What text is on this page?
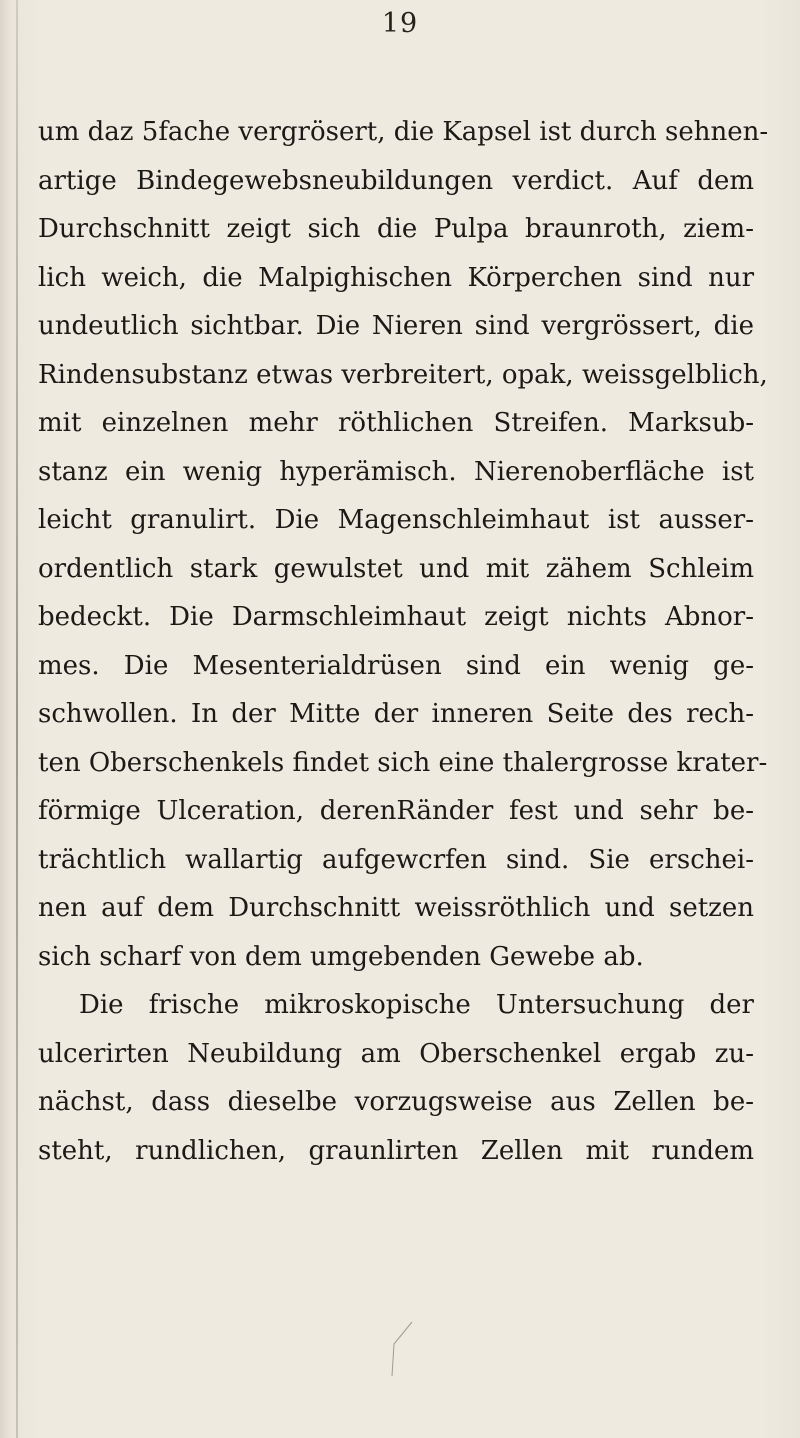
19
um daz 5fache vergrösert, die Kapsel ist durch sehnen-
artige Bindegewebsneubildungen verdict. Auf dem
Durchschnitt zeigt sich die Pulpa braunroth, ziem-
lich weich, die Malpighischen Körperchen sind nur
undeutlich sichtbar. Die Nieren sind vergrössert, die
Rindensubstanz etwas verbreitert, opak, weissgelblich,
mit einzelnen mehr röthlichen Streifen. Marksub-
stanz ein wenig hyperämisch. Nierenoberfläche ist
leicht granulirt. Die Magenschleimhaut ist ausser-
ordentlich stark gewulstet und mit zähem Schleim
bedeckt. Die Darmschleimhaut zeigt nichts Abnor-
mes. Die Mesenterialdrüsen sind ein wenig ge-
schwollen. In der Mitte der inneren Seite des rech-
ten Oberschenkels findet sich eine thalergrosse krater-
förmige Ulceration, derenRänder fest und sehr be-
trächtlich wallartig aufgewcrfen sind. Sie erschei-
nen auf dem Durchschnitt weissröthlich und setzen
sich scharf von dem umgebenden Gewebe ab.
Die frische mikroskopische Untersuchung der
ulcerirten Neubildung am Oberschenkel ergab zu-
nächst, dass dieselbe vorzugsweise aus Zellen be-
steht, rundlichen, graunlirten Zellen mit rundem
